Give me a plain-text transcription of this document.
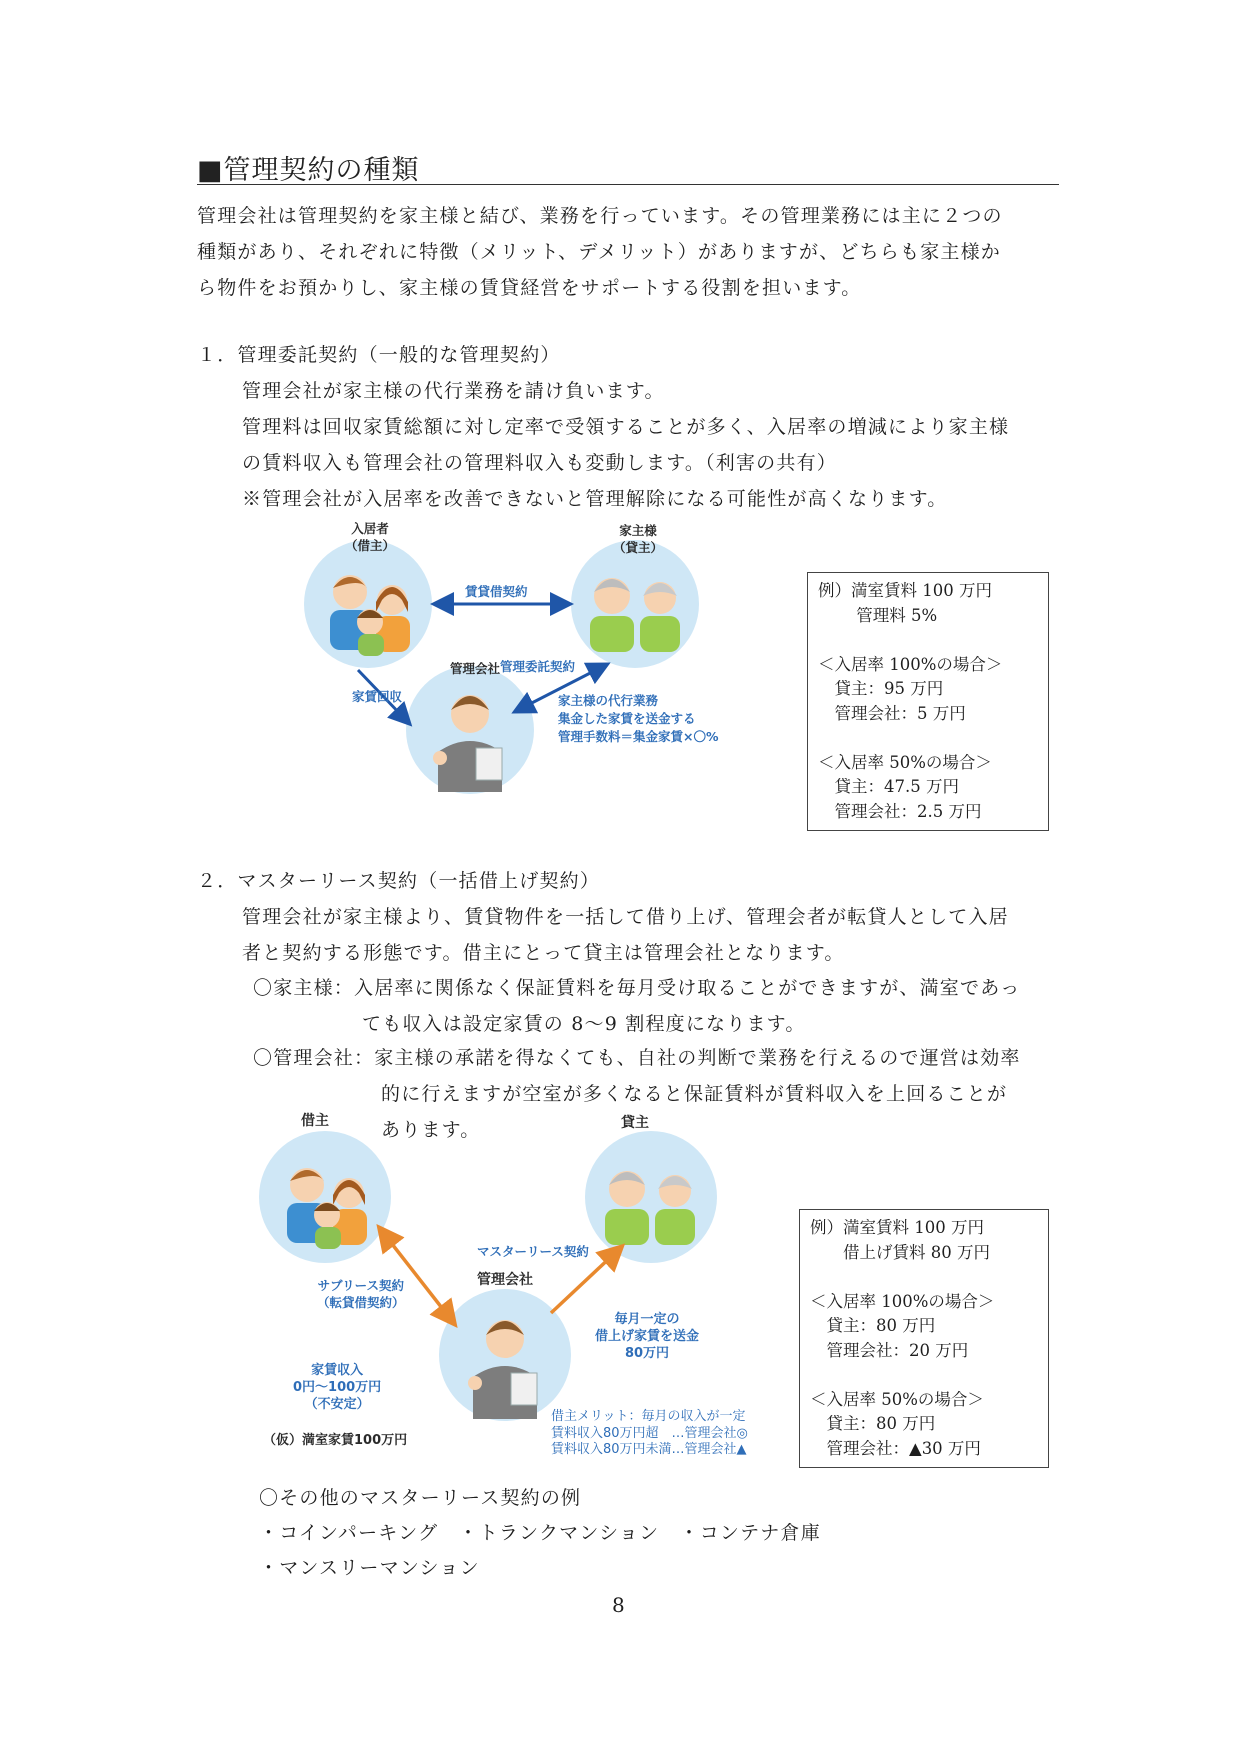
■管理契約の種類
管理会社は管理契約を家主様と結び、業務を行っています。その管理業務には主に２つの
種類があり、それぞれに特徴（メリット、デメリット）がありますが、どちらも家主様か
ら物件をお預かりし、家主様の賃貸経営をサポートする役割を担います。
１．管理委託契約（一般的な管理契約）
管理会社が家主様の代行業務を請け負います。
管理料は回収家賃総額に対し定率で受領することが多く、入居率の増減により家主様
の賃料収入も管理会社の管理料収入も変動します。（利害の共有）
※管理会社が入居率を改善できないと管理解除になる可能性が高くなります。
入居者
（借主）
家主様
（貸主）
管理会社
賃貸借契約
管理委託契約
家賃回収	家主様の代行業務
集金した家賃を送金する
管理手数料＝集金家賃×〇%
例）満室賃料 100 万円
　　 管理料 5%

＜入居率 100%の場合＞
　貸主：95 万円
　管理会社：5 万円

＜入居率 50%の場合＞
　貸主：47.5 万円
　管理会社：2.5 万円
２．マスターリース契約（一括借上げ契約）
管理会社が家主様より、賃貸物件を一括して借り上げ、管理会者が転貸人として入居
者と契約する形態です。借主にとって貸主は管理会社となります。
〇家主様：入居率に関係なく保証賃料を毎月受け取ることができますが、満室であっ
ても収入は設定家賃の 8〜9 割程度になります。
〇管理会社：家主様の承諾を得なくても、自社の判断で業務を行えるので運営は効率
的に行えますが空室が多くなると保証賃料が賃料収入を上回ることが
あります。
借主	貸主
管理会社
サブリース契約
（転貸借契約）
マスターリース契約
毎月一定の
借上げ家賃を送金
80万円
家賃収入
0円～100万円
（不安定）
（仮）満室家賃100万円
借主メリット：毎月の収入が一定
賃料収入80万円超　…管理会社◎
賃料収入80万円未満…管理会社▲
例）満室賃料 100 万円
　　借上げ賃料 80 万円

＜入居率 100%の場合＞
　貸主：80 万円
　管理会社：20 万円

＜入居率 50%の場合＞
　貸主：80 万円
　管理会社：▲30 万円
〇その他のマスターリース契約の例
・コインパーキング　・トランクマンション　・コンテナ倉庫
・マンスリーマンション
8
